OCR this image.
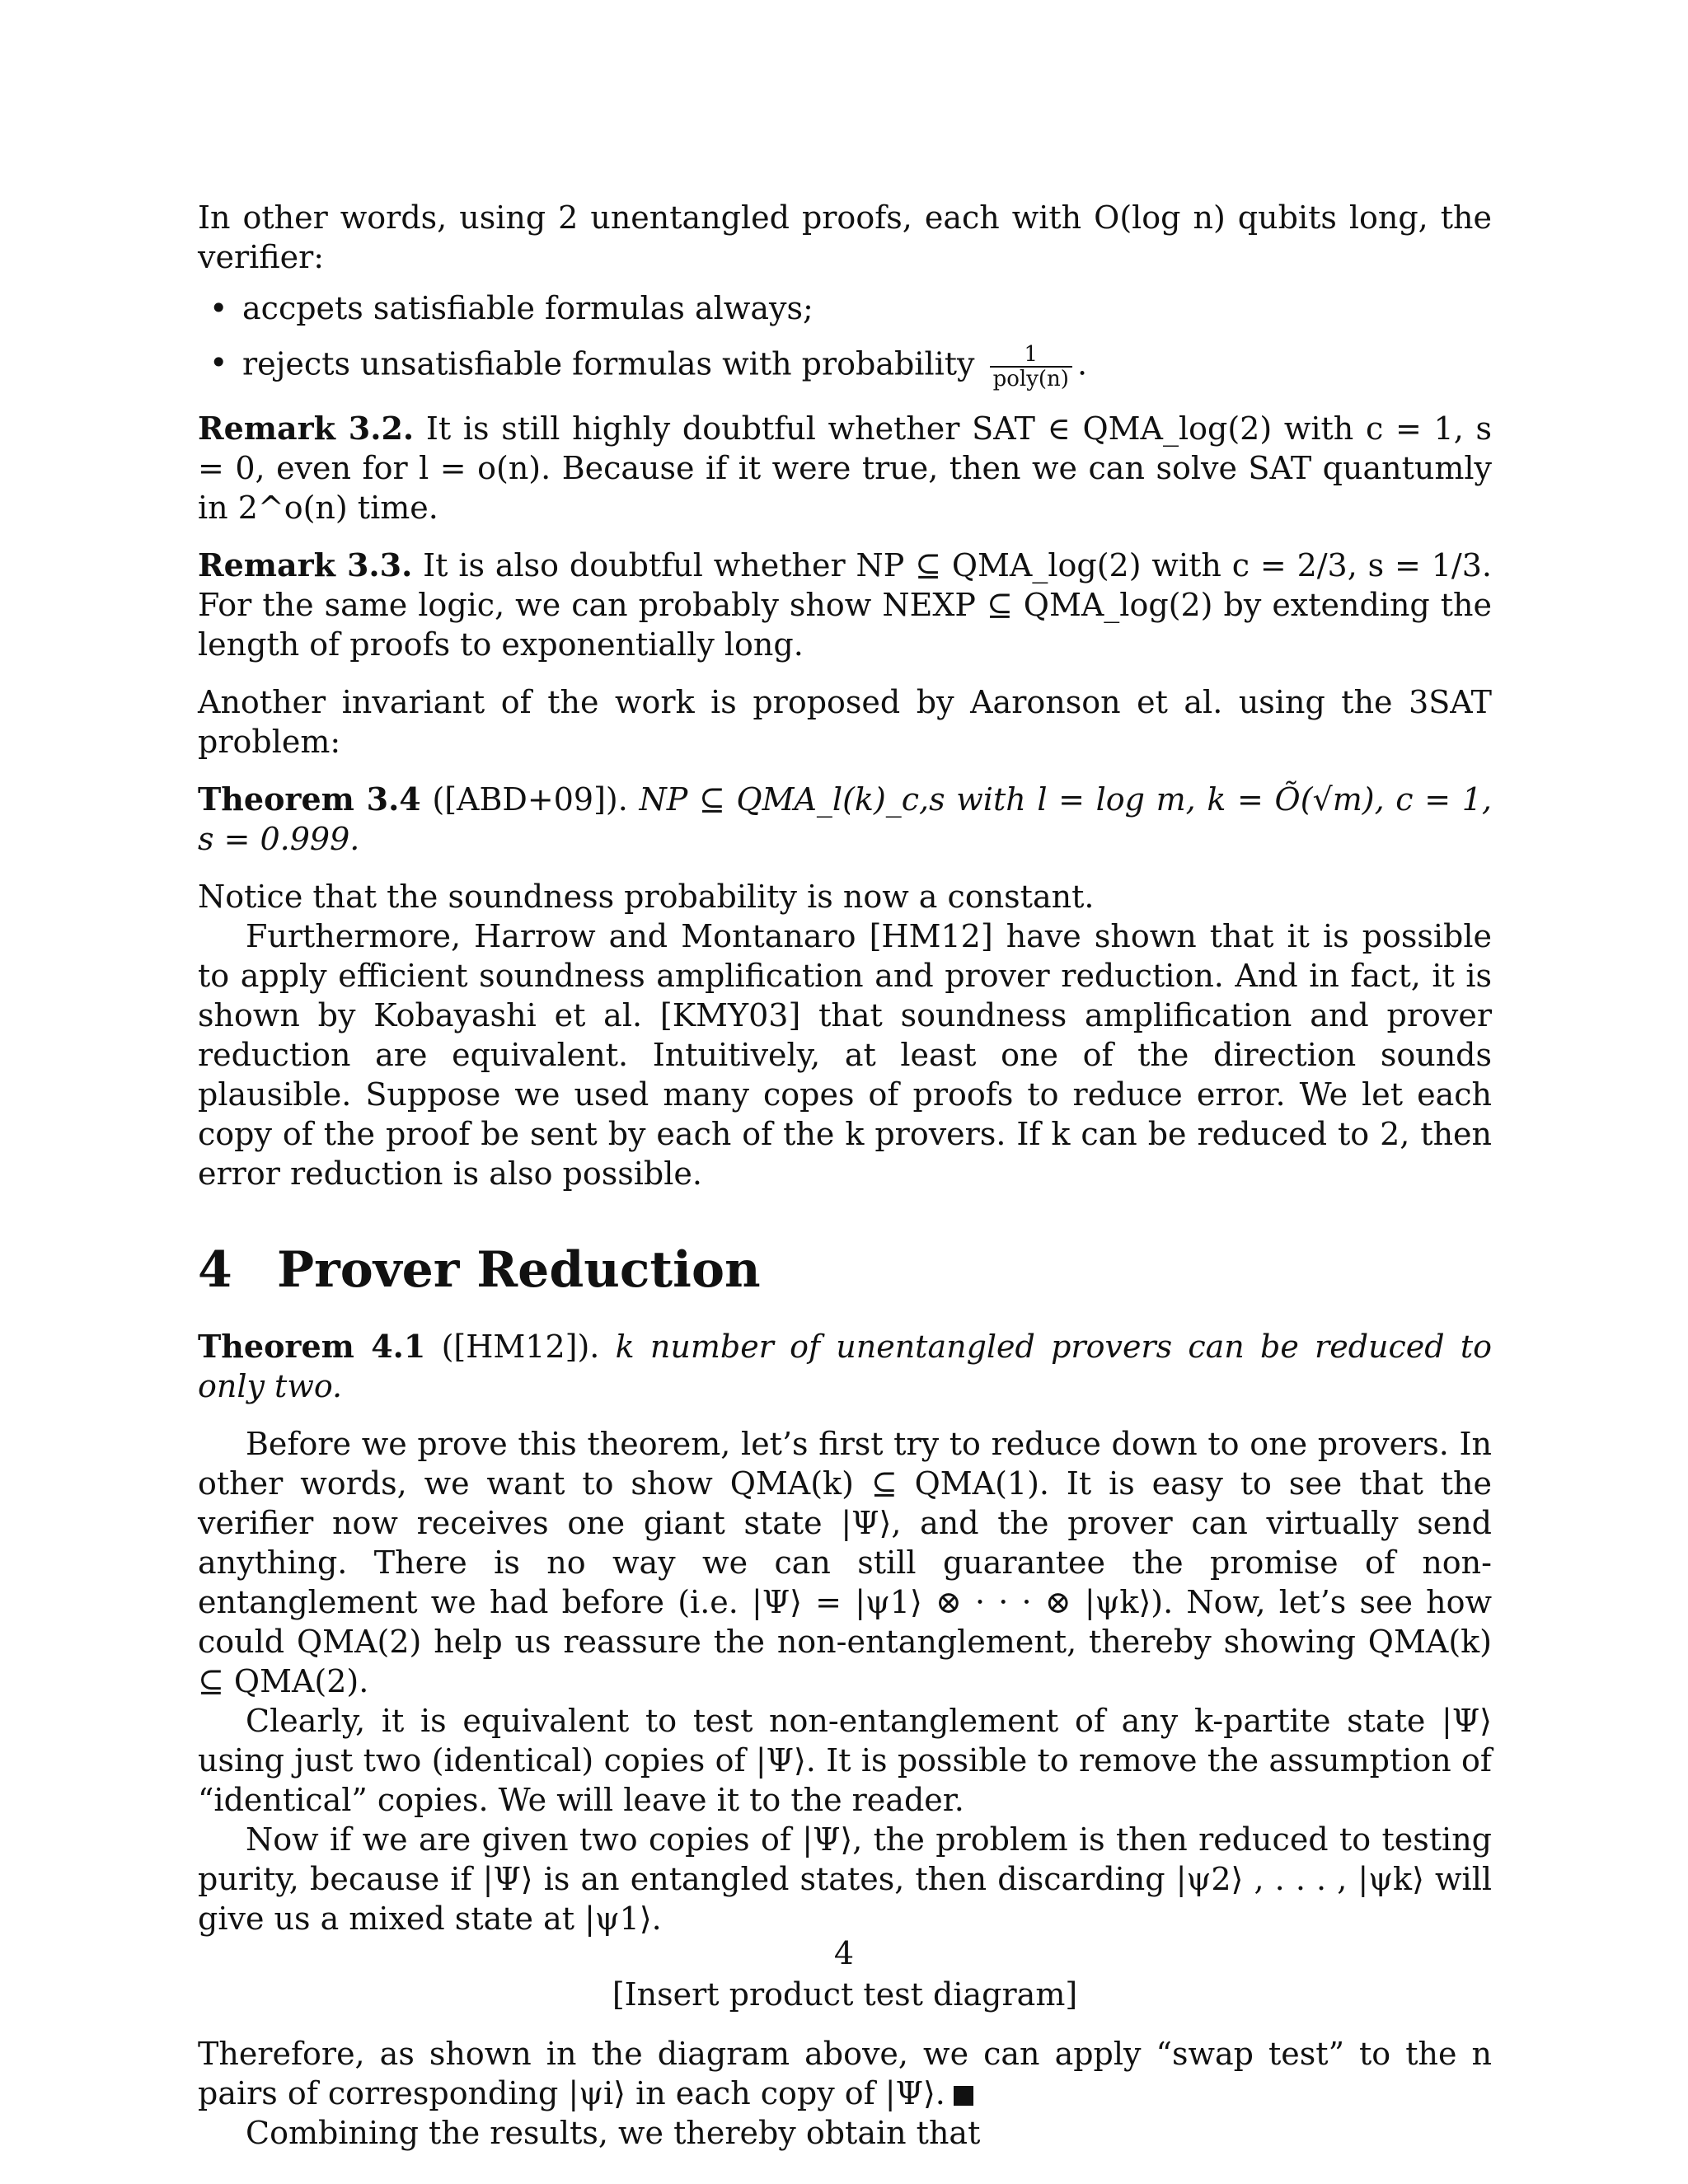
In other words, using 2 unentangled proofs, each with O(log n) qubits long, the verifier:

• accpets satisfiable formulas always;
• rejects unsatisfiable formulas with probability $\frac{1}{\text{poly(n)}}$ .

Remark 3.2. It is still highly doubtful whether SAT ∈ QMA_log(2) with c = 1, s = 0, even for l = o(n). Because if it were true, then we can solve SAT quantumly in 2^o(n) time.

Remark 3.3. It is also doubtful whether NP ⊆ QMA_log(2) with c = 2/3, s = 1/3. For the same logic, we can probably show NEXP ⊆ QMA_log(2) by extending the length of proofs to exponentially long.

Another invariant of the work is proposed by Aaronson et al. using the 3SAT problem:

Theorem 3.4 ([ABD+09]). NP ⊆ QMA_l(k)_c,s with l = log m, k = Õ(√m), c = 1, s = 0.999.

Notice that the soundness probability is now a constant.

Furthermore, Harrow and Montanaro [HM12] have shown that it is possible to apply efficient soundness amplification and prover reduction. And in fact, it is shown by Kobayashi et al. [KMY03] that soundness amplification and prover reduction are equivalent. Intuitively, at least one of the direction sounds plausible. Suppose we used many copes of proofs to reduce error. We let each copy of the proof be sent by each of the k provers. If k can be reduced to 2, then error reduction is also possible.

4 Prover Reduction

Theorem 4.1 ([HM12]). k number of unentangled provers can be reduced to only two.

Before we prove this theorem, let’s first try to reduce down to one provers. In other words, we want to show QMA(k) ⊆ QMA(1). It is easy to see that the verifier now receives one giant state |Ψ⟩, and the prover can virtually send anything. There is no way we can still guarantee the promise of non-entanglement we had before (i.e. |Ψ⟩ = |ψ1⟩ ⊗ · · · ⊗ |ψk⟩). Now, let’s see how could QMA(2) help us reassure the non-entanglement, thereby showing QMA(k) ⊆ QMA(2).

Clearly, it is equivalent to test non-entanglement of any k-partite state |Ψ⟩ using just two (identical) copies of |Ψ⟩. It is possible to remove the assumption of “identical” copies. We will leave it to the reader.

Now if we are given two copies of |Ψ⟩, the problem is then reduced to testing purity, because if |Ψ⟩ is an entangled states, then discarding |ψ2⟩ , . . . , |ψk⟩ will give us a mixed state at |ψ1⟩.

[Insert product test diagram]

Therefore, as shown in the diagram above, we can apply “swap test” to the n pairs of corresponding |ψi⟩ in each copy of |Ψ⟩.

Combining the results, we thereby obtain that

4
